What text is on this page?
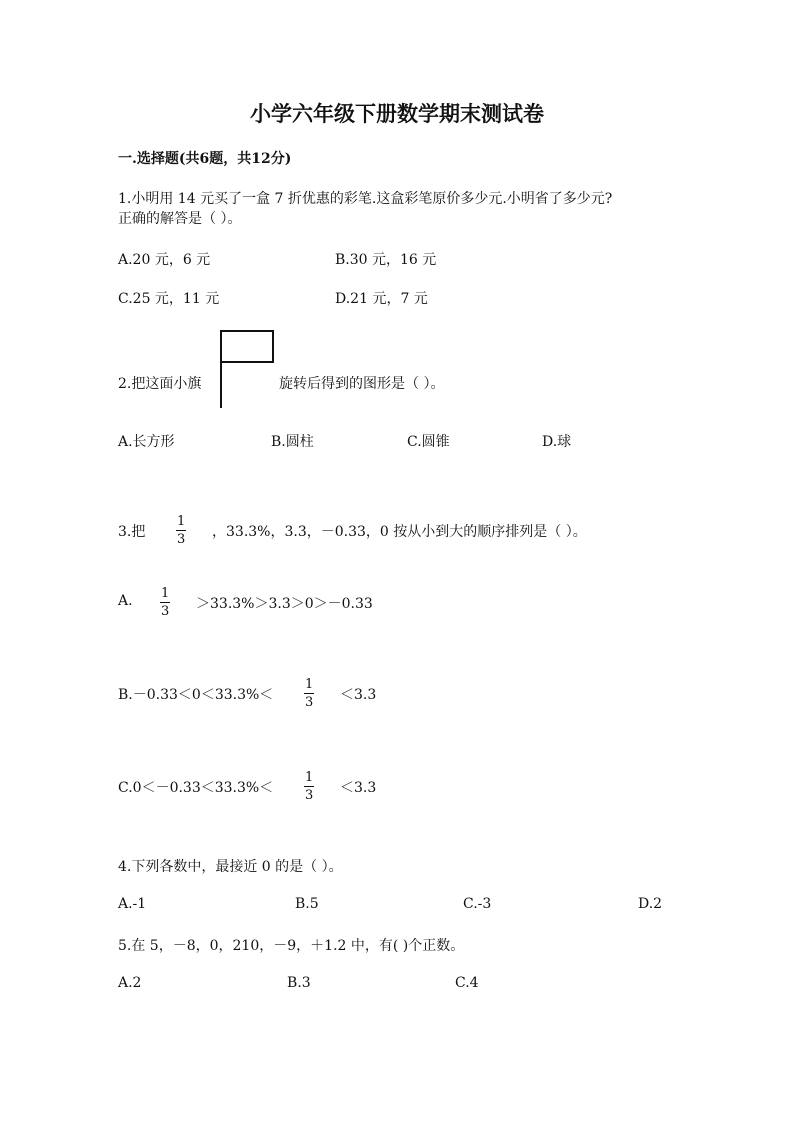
小学六年级下册数学期末测试卷
一.选择题(共6题，共12分)
1.小明用 14 元买了一盒 7 折优惠的彩笔.这盒彩笔原价多少元.小明省了多少元?
正确的解答是（ ）。
A.20 元，6 元	B.30 元，16 元
C.25 元，11 元	D.21 元，7 元
2.把这面小旗	旋转后得到的图形是（ ）。
A.长方形	B.圆柱	C.圆锥	D.球
3.把 $\frac{1}{3}$ ，33.3%，3.3，－0.33，0 按从小到大的顺序排列是（ ）。
A. $\frac{1}{3} >33.3\%>3.3>0>-0.33$
$B.-0.33<0<33.3\%< \frac{1}{3} <3.3$
$C.0<-0.33<33.3\%< \frac{1}{3} <3.3$
4.下列各数中，最接近 0 的是（ ）。
A.-1	B.5	C.-3	D.2
5.在 5，－8，0，210，－9，＋1.2 中，有( )个正数。
A.2	B.3	C.4
